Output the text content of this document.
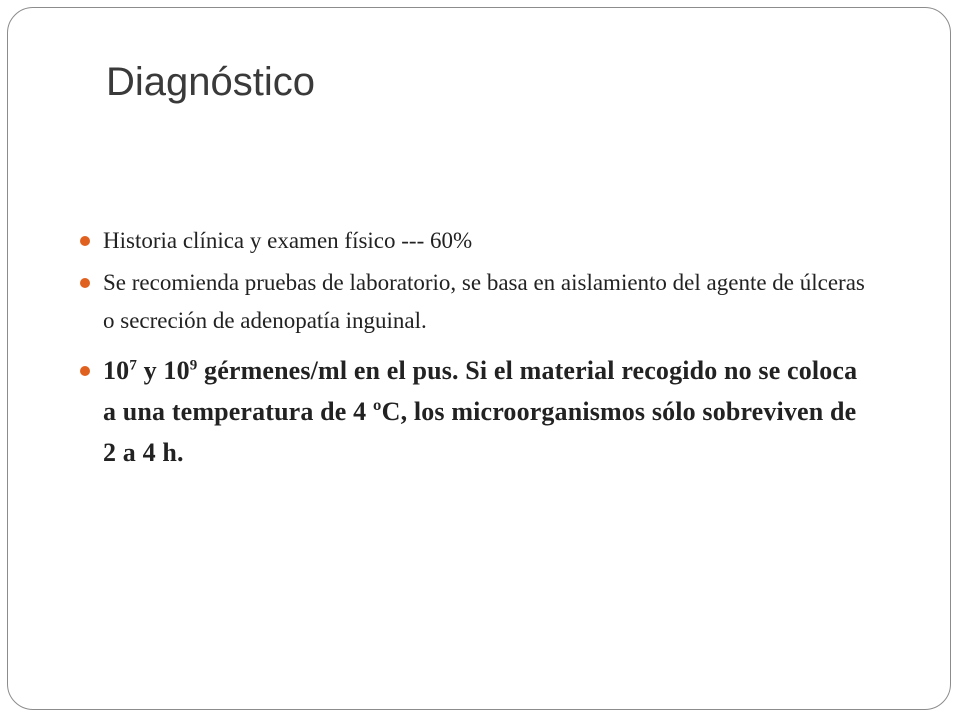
Diagnóstico
Historia clínica y examen físico --- 60%
Se recomienda pruebas de laboratorio, se basa en aislamiento del agente de úlceras o secreción de adenopatía inguinal.
$10^7$ y $10^9$ gérmenes/ml en el pus. Si el material recogido no se coloca a una temperatura de 4 ºC, los microorganismos sólo sobreviven de 2 a 4 h.
